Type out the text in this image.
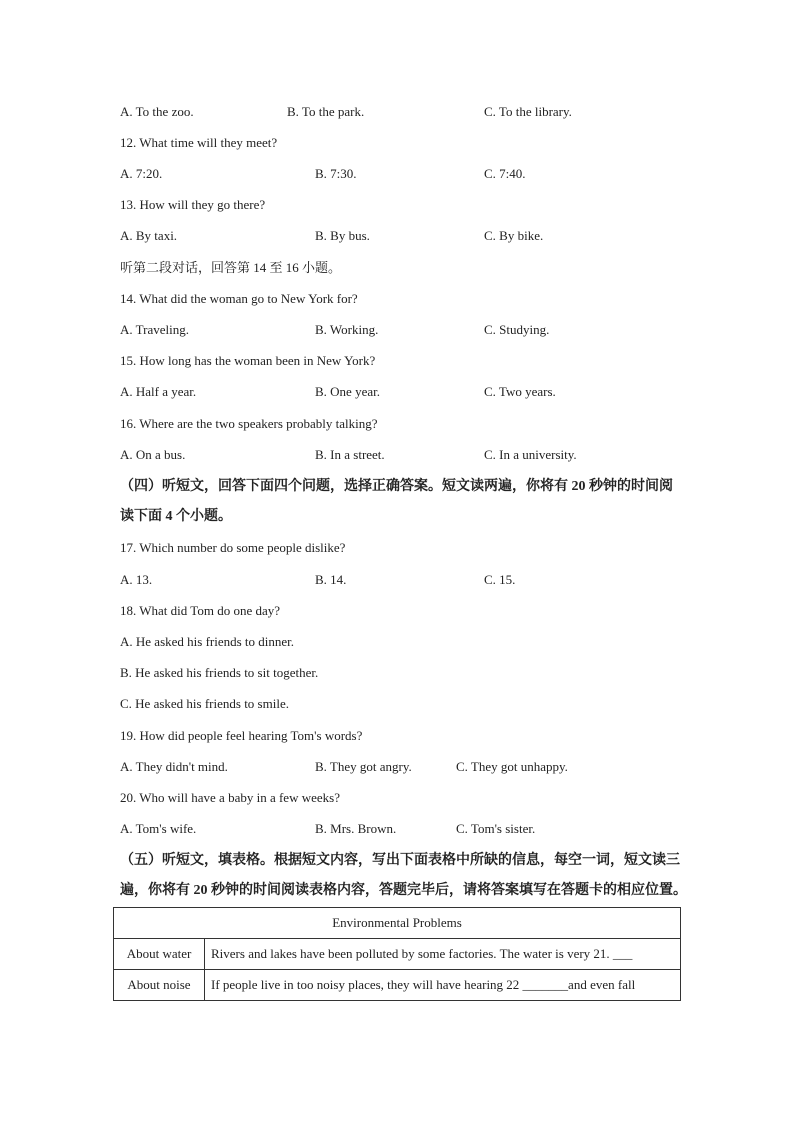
A. To the zoo.	B. To the park.	C. To the library.
12. What time will they meet?
A. 7:20.	B. 7:30.	C. 7:40.
13. How will they go there?
A. By taxi.	B. By bus.	C. By bike.
听第二段对话，回答第 14 至 16 小题。
14. What did the woman go to New York for?
A. Traveling.	B. Working.	C. Studying.
15. How long has the woman been in New York?
A. Half a year.	B. One year.	C. Two years.
16. Where are the two speakers probably talking?
A. On a bus.	B. In a street.	C. In a university.
（四）听短文，回答下面四个问题，选择正确答案。短文读两遍，你将有 20 秒钟的时间阅
读下面 4 个小题。
17. Which number do some people dislike?
A. 13.	B. 14.	C. 15.
18. What did Tom do one day?
A. He asked his friends to dinner.
B. He asked his friends to sit together.
C. He asked his friends to smile.
19. How did people feel hearing Tom's words?
A. They didn't mind.	B. They got angry.	C. They got unhappy.
20. Who will have a baby in a few weeks?
A. Tom's wife.	B. Mrs. Brown.	C. Tom's sister.
（五）听短文，填表格。根据短文内容，写出下面表格中所缺的信息，每空一词，短文读三
遍，你将有 20 秒钟的时间阅读表格内容，答题完毕后，请将答案填写在答题卡的相应位置。
Environmental Problems	
About water	Rivers and lakes have been polluted by some factories. The water is very 21. ___
About noise	If people live in too noisy places, they will have hearing 22 _______and even fall
